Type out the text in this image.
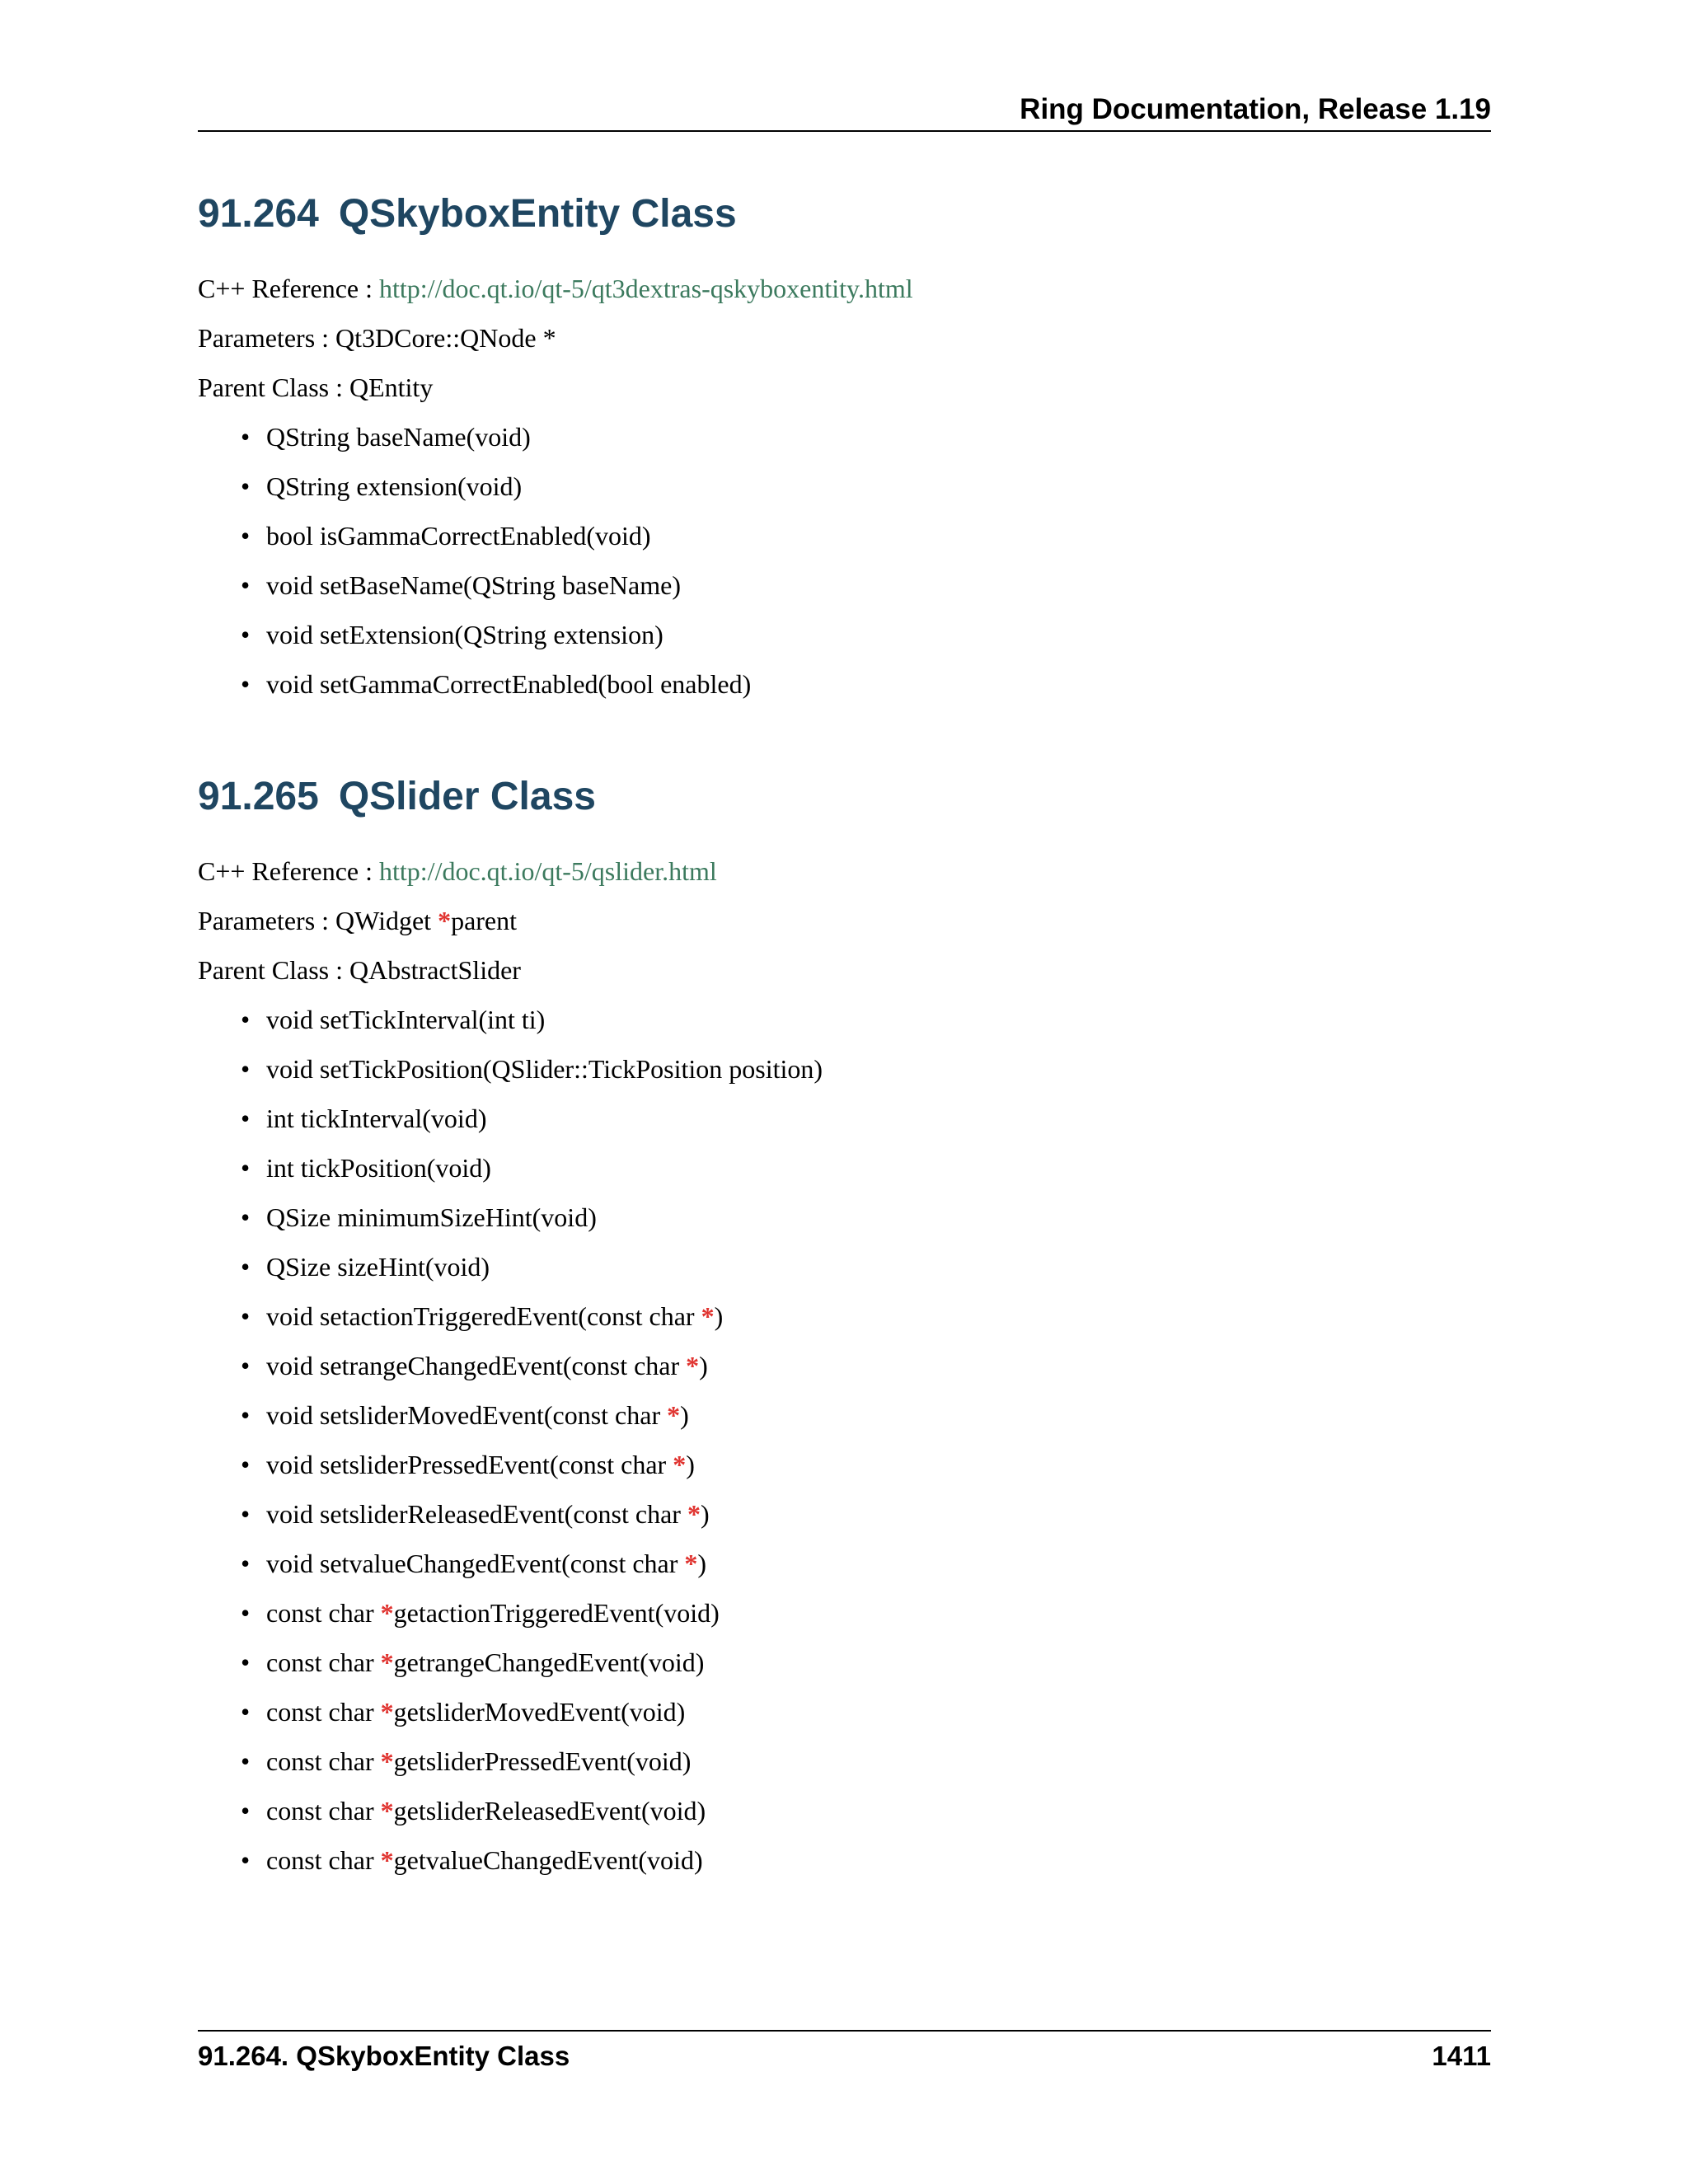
Ring Documentation, Release 1.19
91.264 QSkyboxEntity Class
C++ Reference : http://doc.qt.io/qt-5/qt3dextras-qskyboxentity.html
Parameters : Qt3DCore::QNode *
Parent Class : QEntity
• QString baseName(void)
• QString extension(void)
• bool isGammaCorrectEnabled(void)
• void setBaseName(QString baseName)
• void setExtension(QString extension)
• void setGammaCorrectEnabled(bool enabled)
91.265 QSlider Class
C++ Reference : http://doc.qt.io/qt-5/qslider.html
Parameters : QWidget *parent
Parent Class : QAbstractSlider
• void setTickInterval(int ti)
• void setTickPosition(QSlider::TickPosition position)
• int tickInterval(void)
• int tickPosition(void)
• QSize minimumSizeHint(void)
• QSize sizeHint(void)
• void setactionTriggeredEvent(const char *)
• void setrangeChangedEvent(const char *)
• void setsliderMovedEvent(const char *)
• void setsliderPressedEvent(const char *)
• void setsliderReleasedEvent(const char *)
• void setvalueChangedEvent(const char *)
• const char *getactionTriggeredEvent(void)
• const char *getrangeChangedEvent(void)
• const char *getsliderMovedEvent(void)
• const char *getsliderPressedEvent(void)
• const char *getsliderReleasedEvent(void)
• const char *getvalueChangedEvent(void)
91.264. QSkyboxEntity Class	1411
